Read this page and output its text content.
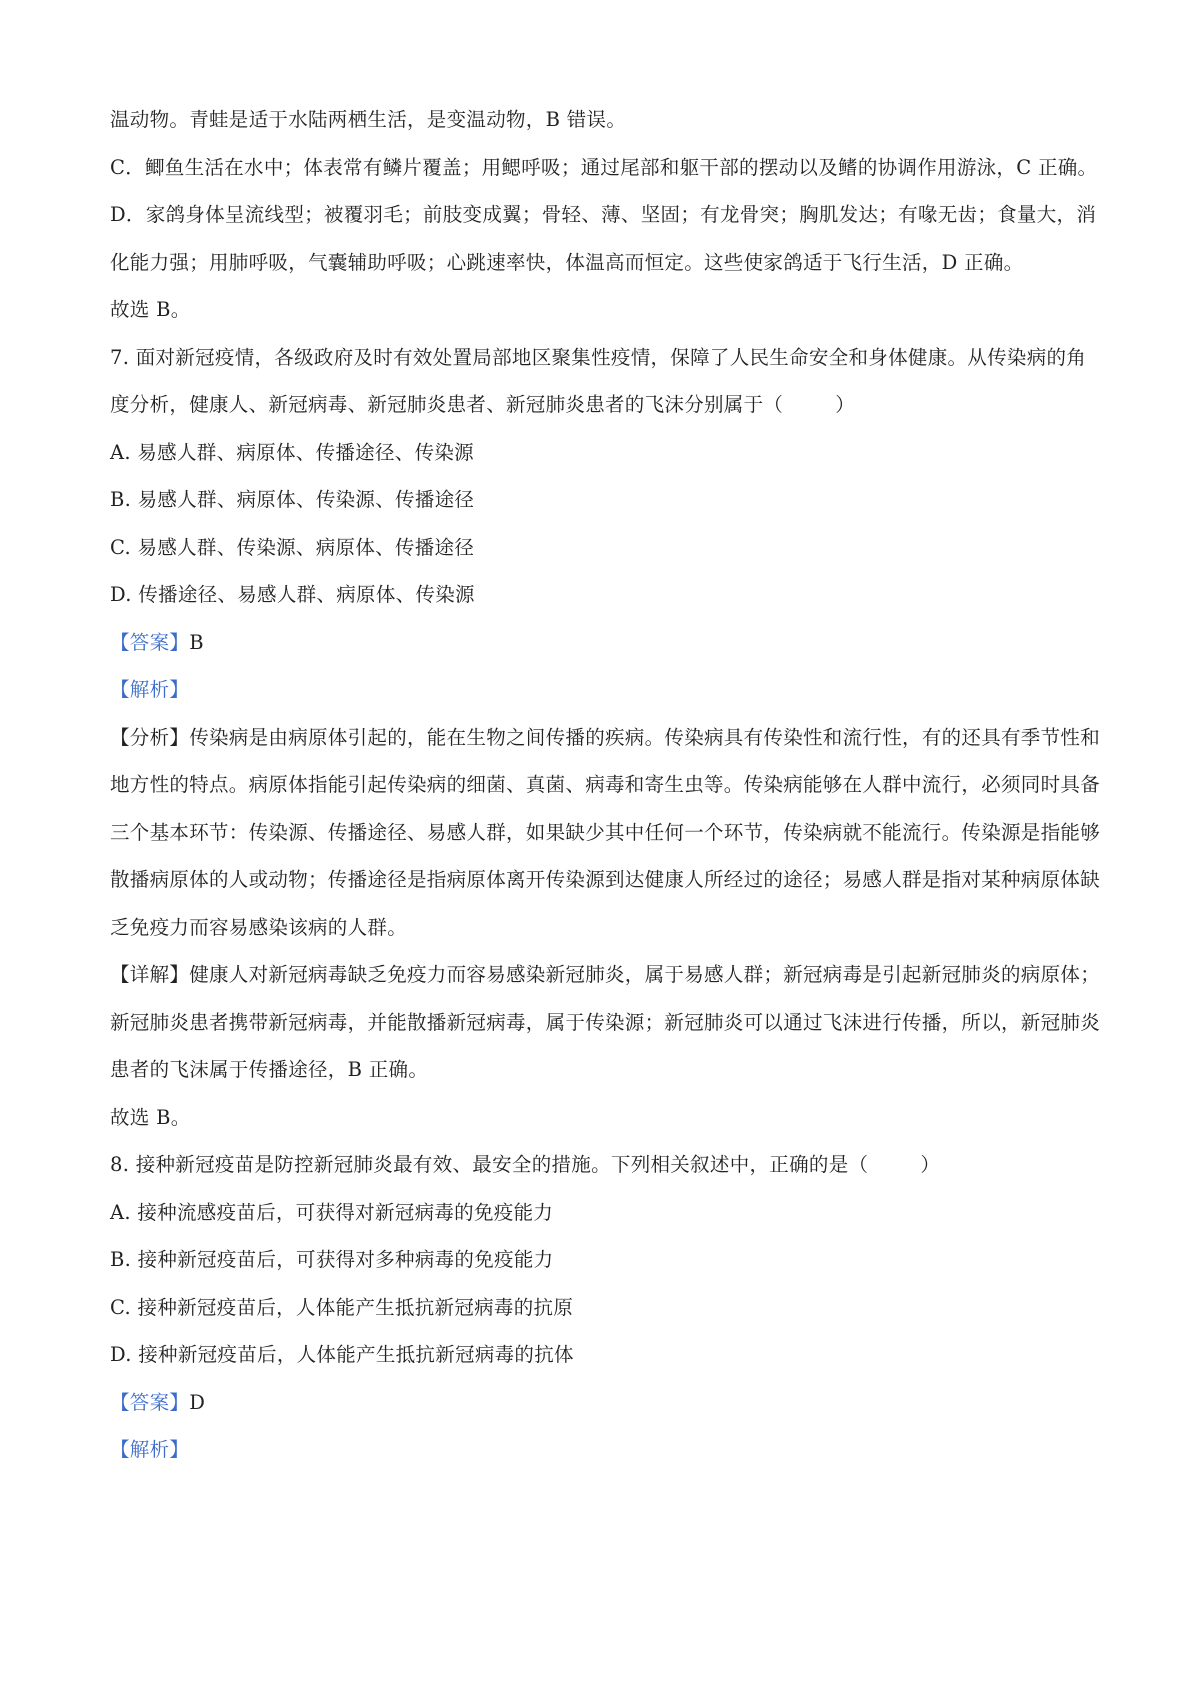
温动物。青蛙是适于水陆两栖生活，是变温动物，B 错误。

C．鲫鱼生活在水中；体表常有鳞片覆盖；用鳃呼吸；通过尾部和躯干部的摆动以及鳍的协调作用游泳，C 正确。

D．家鸽身体呈流线型；被覆羽毛；前肢变成翼；骨轻、薄、坚固；有龙骨突；胸肌发达；有喙无齿；食量大，消化能力强；用肺呼吸，气囊辅助呼吸；心跳速率快，体温高而恒定。这些使家鸽适于飞行生活，D 正确。

故选 B。

7. 面对新冠疫情，各级政府及时有效处置局部地区聚集性疫情，保障了人民生命安全和身体健康。从传染病的角度分析，健康人、新冠病毒、新冠肺炎患者、新冠肺炎患者的飞沫分别属于（	）

A. 易感人群、病原体、传播途径、传染源

B. 易感人群、病原体、传染源、传播途径

C. 易感人群、传染源、病原体、传播途径

D. 传播途径、易感人群、病原体、传染源

【答案】B

【解析】

【分析】传染病是由病原体引起的，能在生物之间传播的疾病。传染病具有传染性和流行性，有的还具有季节性和地方性的特点。病原体指能引起传染病的细菌、真菌、病毒和寄生虫等。传染病能够在人群中流行，必须同时具备三个基本环节：传染源、传播途径、易感人群，如果缺少其中任何一个环节，传染病就不能流行。传染源是指能够散播病原体的人或动物；传播途径是指病原体离开传染源到达健康人所经过的途径；易感人群是指对某种病原体缺乏免疫力而容易感染该病的人群。

【详解】健康人对新冠病毒缺乏免疫力而容易感染新冠肺炎，属于易感人群；新冠病毒是引起新冠肺炎的病原体；新冠肺炎患者携带新冠病毒，并能散播新冠病毒，属于传染源；新冠肺炎可以通过飞沫进行传播，所以，新冠肺炎患者的飞沫属于传播途径，B 正确。

故选 B。

8. 接种新冠疫苗是防控新冠肺炎最有效、最安全的措施。下列相关叙述中，正确的是（	）

A. 接种流感疫苗后，可获得对新冠病毒的免疫能力

B. 接种新冠疫苗后，可获得对多种病毒的免疫能力

C. 接种新冠疫苗后，人体能产生抵抗新冠病毒的抗原

D. 接种新冠疫苗后，人体能产生抵抗新冠病毒的抗体

【答案】D

【解析】
